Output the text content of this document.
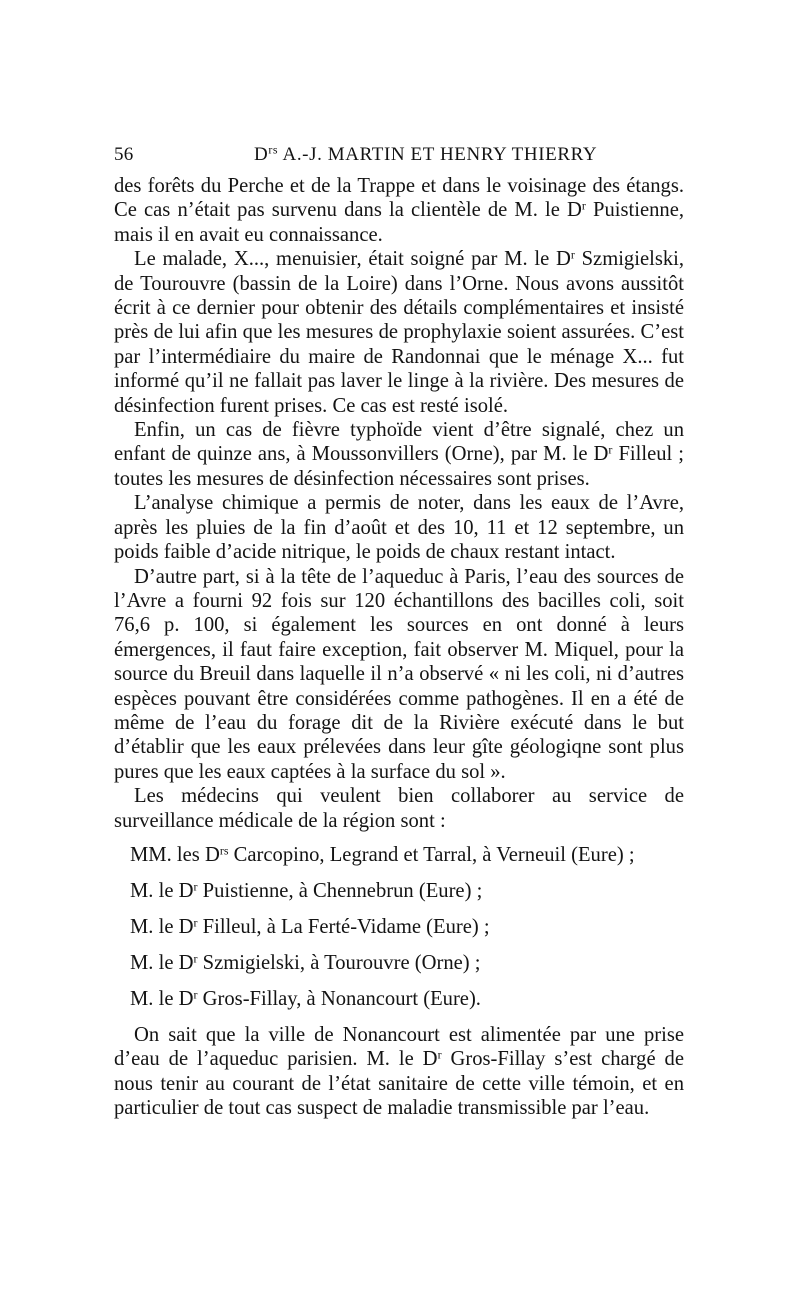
56	$D^{rs}$ A.-J. MARTIN ET HENRY THIERRY

des forêts du Perche et de la Trappe et dans le voisinage des étangs. Ce cas n’était pas survenu dans la clientèle de M. le $D^r$ Puistienne, mais il en avait eu connaissance.

Le malade, X..., menuisier, était soigné par M. le $D^r$ Szmigielski, de Tourouvre (bassin de la Loire) dans l’Orne. Nous avons aussitôt écrit à ce dernier pour obtenir des détails complémentaires et insisté près de lui afin que les mesures de prophylaxie soient assurées. C’est par l’intermédiaire du maire de Randonnai que le ménage X... fut informé qu’il ne fallait pas laver le linge à la rivière. Des mesures de désinfection furent prises. Ce cas est resté isolé.

Enfin, un cas de fièvre typhoïde vient d’être signalé, chez un enfant de quinze ans, à Moussonvillers (Orne), par M. le $D^r$ Filleul ; toutes les mesures de désinfection nécessaires sont prises.

L’analyse chimique a permis de noter, dans les eaux de l’Avre, après les pluies de la fin d’août et des 10, 11 et 12 septembre, un poids faible d’acide nitrique, le poids de chaux restant intact.

D’autre part, si à la tête de l’aqueduc à Paris, l’eau des sources de l’Avre a fourni 92 fois sur 120 échantillons des bacilles coli, soit 76,6 p. 100, si également les sources en ont donné à leurs émergences, il faut faire exception, fait observer M. Miquel, pour la source du Breuil dans laquelle il n’a observé « ni les coli, ni d’autres espèces pouvant être considérées comme pathogènes. Il en a été de même de l’eau du forage dit de la Rivière exécuté dans le but d’établir que les eaux prélevées dans leur gîte géologiqne sont plus pures que les eaux captées à la surface du sol ».

Les médecins qui veulent bien collaborer au service de surveillance médicale de la région sont :

MM. les $D^{rs}$ Carcopino, Legrand et Tarral, à Verneuil (Eure) ;
M. le $D^r$ Puistienne, à Chennebrun (Eure) ;
M. le $D^r$ Filleul, à La Ferté-Vidame (Eure) ;
M. le $D^r$ Szmigielski, à Tourouvre (Orne) ;
M. le $D^r$ Gros-Fillay, à Nonancourt (Eure).

On sait que la ville de Nonancourt est alimentée par une prise d’eau de l’aqueduc parisien. M. le $D^r$ Gros-Fillay s’est chargé de nous tenir au courant de l’état sanitaire de cette ville témoin, et en particulier de tout cas suspect de maladie transmissible par l’eau.
